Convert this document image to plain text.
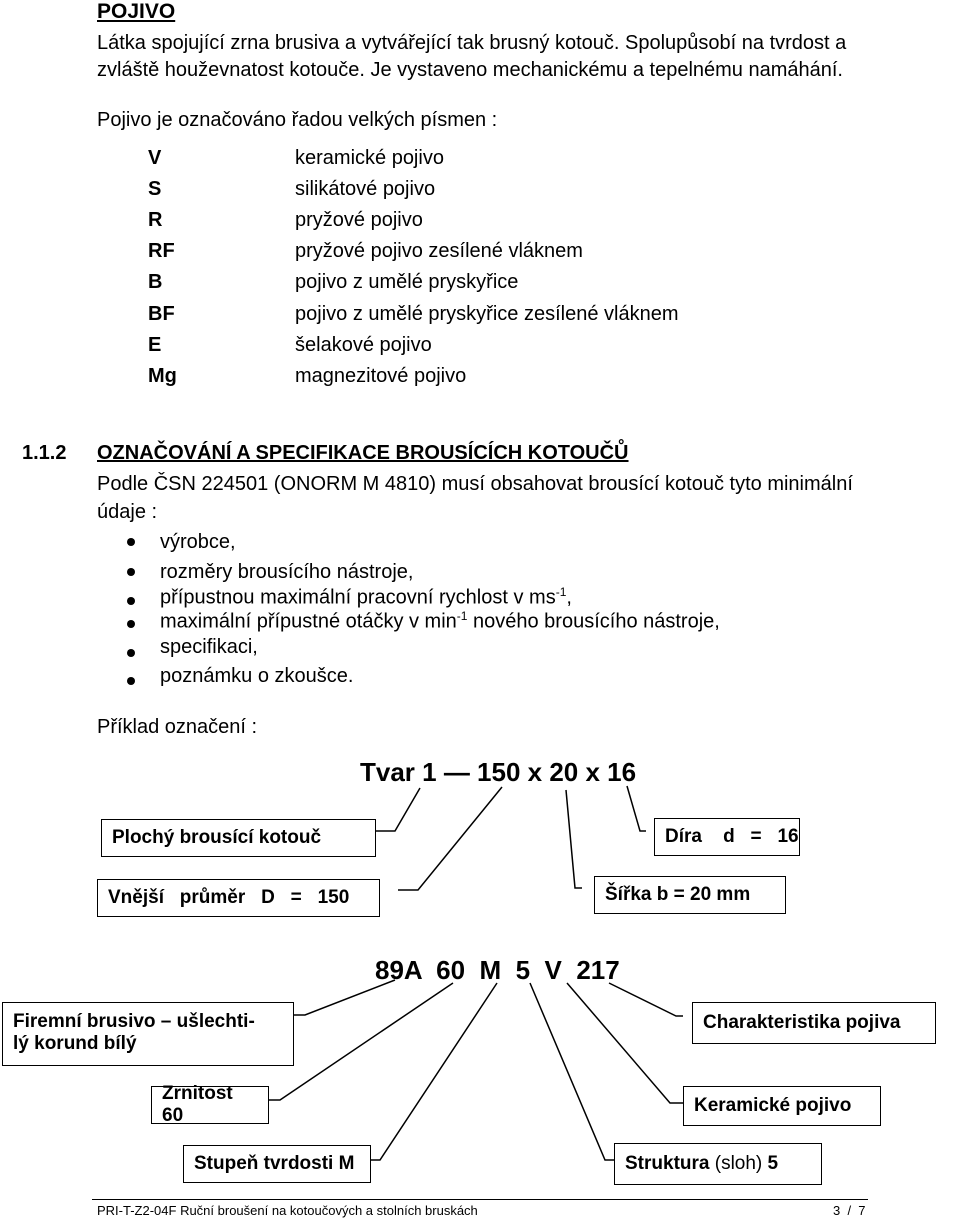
POJIVO
Látka spojující zrna brusiva a vytvářející tak brusný kotouč. Spolupůsobí na tvrdost a
zvláště houževnatost kotouče. Je vystaveno mechanickému a tepelnému namáhání.
Pojivo je označováno řadou velkých písmen :
V	keramické pojivo
S	silikátové pojivo
R	pryžové pojivo
RF	pryžové pojivo zesílené vláknem
B	pojivo z umělé pryskyřice
BF	pojivo z umělé pryskyřice zesílené vláknem
E	šelakové pojivo
Mg	magnezitové pojivo
1.1.2 OZNAČOVÁNÍ A SPECIFIKACE BROUSÍCÍCH KOTOUČŮ
Podle ČSN 224501 (ONORM M 4810) musí obsahovat brousící kotouč tyto minimální
údaje :
výrobce,
rozměry brousícího nástroje,
přípustnou maximální pracovní rychlost v $ms^{-1}$,
maximální přípustné otáčky v $\min^{-1}$ nového brousícího nástroje,
specifikaci,
poznámku o zkoušce.
Příklad označení :
Tvar 1 — 150 x 20 x 16
Plochý brousící kotouč
Vnější   průměr   D   =   150	Šířka b = 20 mm
Díra    d   =   16
89A  60  M  5  V  217
Firemní brusivo – ušlechti-
lý korund bílý
Zrnitost 60
Stupeň tvrdosti M
Charakteristika pojiva
Keramické pojivo
Struktura (sloh) 5
PRI-T-Z2-04F Ruční broušení na kotoučových a stolních bruskách	3  /  7
